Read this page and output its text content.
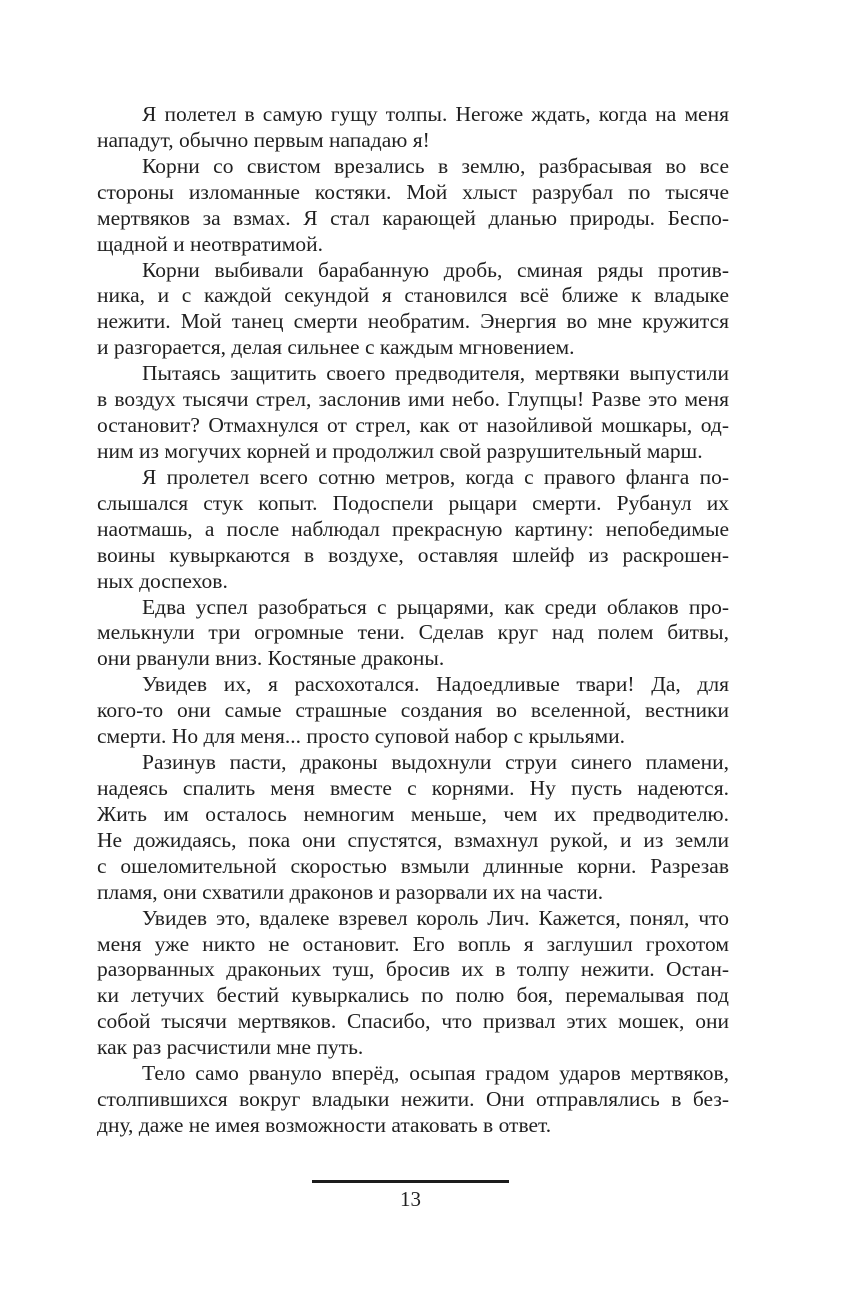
Я полетел в самую гущу толпы. Негоже ждать, когда на меня
нападут, обычно первым нападаю я!
Корни со свистом врезались в землю, разбрасывая во все
стороны изломанные костяки. Мой хлыст разрубал по тысяче
мертвяков за взмах. Я стал карающей дланью природы. Беспо-
щадной и неотвратимой.
Корни выбивали барабанную дробь, сминая ряды против-
ника, и с каждой секундой я становился всё ближе к владыке
нежити. Мой танец смерти необратим. Энергия во мне кружится
и разгорается, делая сильнее с каждым мгновением.
Пытаясь защитить своего предводителя, мертвяки выпустили
в воздух тысячи стрел, заслонив ими небо. Глупцы! Разве это меня
остановит? Отмахнулся от стрел, как от назойливой мошкары, од-
ним из могучих корней и продолжил свой разрушительный марш.
Я пролетел всего сотню метров, когда с правого фланга по-
слышался стук копыт. Подоспели рыцари смерти. Рубанул их
наотмашь, а после наблюдал прекрасную картину: непобедимые
воины кувыркаются в воздухе, оставляя шлейф из раскрошен-
ных доспехов.
Едва успел разобраться с рыцарями, как среди облаков про-
мелькнули три огромные тени. Сделав круг над полем битвы,
они рванули вниз. Костяные драконы.
Увидев их, я расхохотался. Надоедливые твари! Да, для
кого-то они самые страшные создания во вселенной, вестники
смерти. Но для меня... просто суповой набор с крыльями.
Разинув пасти, драконы выдохнули струи синего пламени,
надеясь спалить меня вместе с корнями. Ну пусть надеются.
Жить им осталось немногим меньше, чем их предводителю.
Не дожидаясь, пока они спустятся, взмахнул рукой, и из земли
с ошеломительной скоростью взмыли длинные корни. Разрезав
пламя, они схватили драконов и разорвали их на части.
Увидев это, вдалеке взревел король Лич. Кажется, понял, что
меня уже никто не остановит. Его вопль я заглушил грохотом
разорванных драконьих туш, бросив их в толпу нежити. Остан-
ки летучих бестий кувыркались по полю боя, перемалывая под
собой тысячи мертвяков. Спасибо, что призвал этих мошек, они
как раз расчистили мне путь.
Тело само рвануло вперёд, осыпая градом ударов мертвяков,
столпившихся вокруг владыки нежити. Они отправлялись в без-
дну, даже не имея возможности атаковать в ответ.
13
